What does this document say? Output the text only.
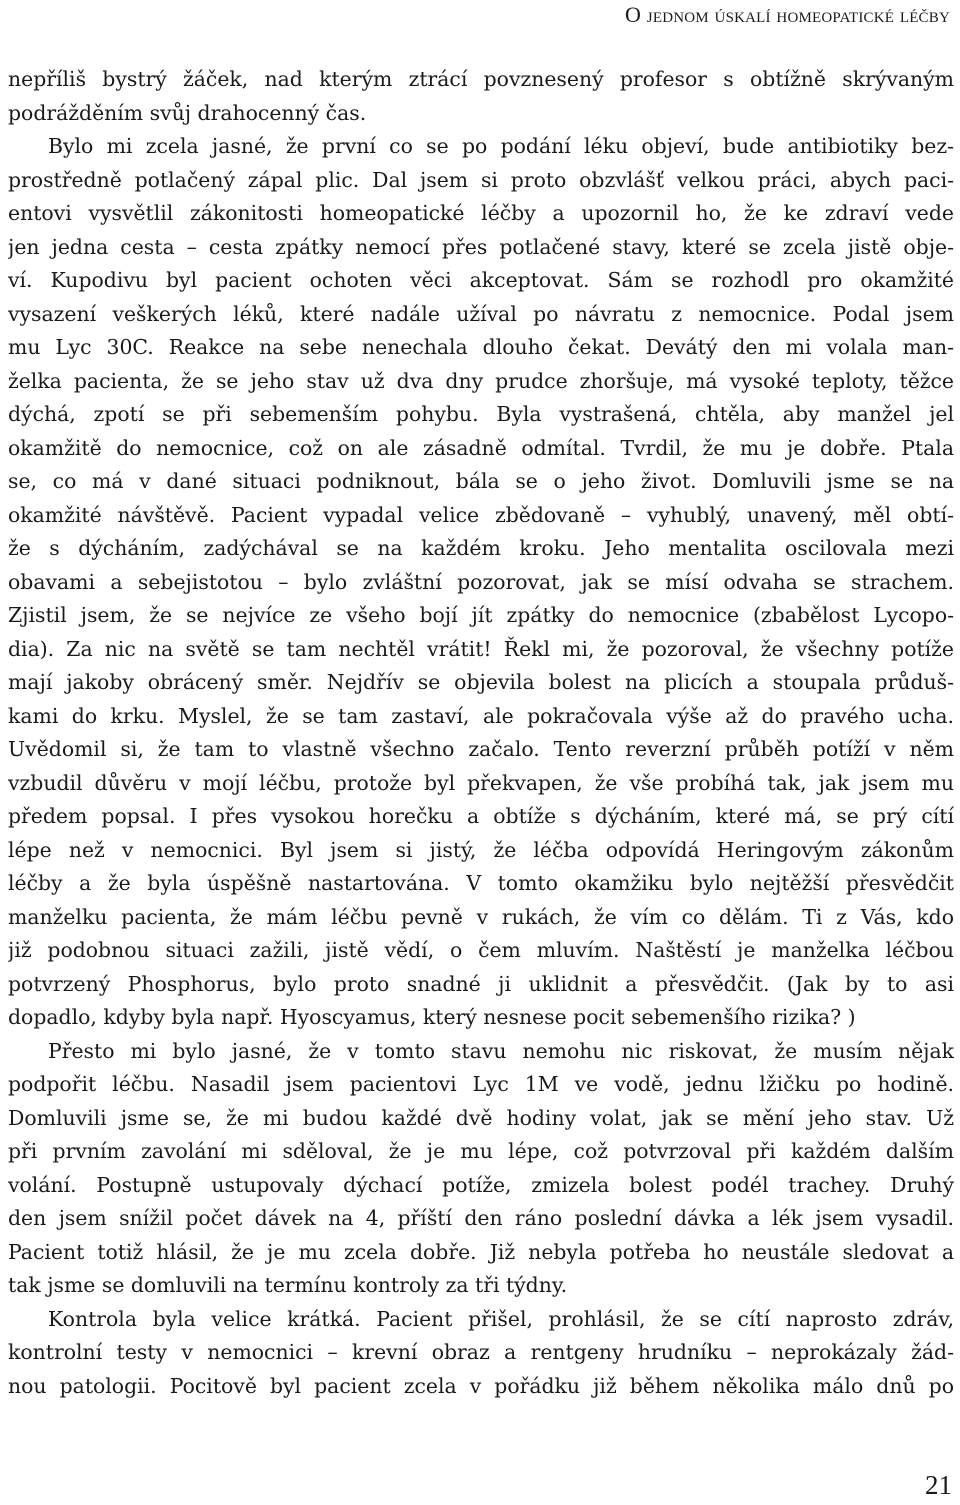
O jednom úskalí homeopatické léčby
nepříliš bystrý žáček, nad kterým ztrácí povznesený profesor s obtížně skrývaným
podrážděním svůj drahocenný čas.
Bylo mi zcela jasné, že první co se po podání léku objeví, bude antibiotiky bez-
prostředně potlačený zápal plic. Dal jsem si proto obzvlášť velkou práci, abych paci-
entovi vysvětlil zákonitosti homeopatické léčby a upozornil ho, že ke zdraví vede
jen jedna cesta – cesta zpátky nemocí přes potlačené stavy, které se zcela jistě obje-
ví. Kupodivu byl pacient ochoten věci akceptovat. Sám se rozhodl pro okamžité
vysazení veškerých léků, které nadále užíval po návratu z nemocnice. Podal jsem
mu Lyc 30C. Reakce na sebe nenechala dlouho čekat. Devátý den mi volala man-
želka pacienta, že se jeho stav už dva dny prudce zhoršuje, má vysoké teploty, těžce
dýchá, zpotí se při sebemenším pohybu. Byla vystrašená, chtěla, aby manžel jel
okamžitě do nemocnice, což on ale zásadně odmítal. Tvrdil, že mu je dobře. Ptala
se, co má v dané situaci podniknout, bála se o jeho život. Domluvili jsme se na
okamžité návštěvě. Pacient vypadal velice zbědovaně – vyhublý, unavený, měl obtí-
že s dýcháním, zadýchával se na každém kroku. Jeho mentalita oscilovala mezi
obavami a sebejistotou – bylo zvláštní pozorovat, jak se mísí odvaha se strachem.
Zjistil jsem, že se nejvíce ze všeho bojí jít zpátky do nemocnice (zbabělost Lycopo-
dia). Za nic na světě se tam nechtěl vrátit! Řekl mi, že pozoroval, že všechny potíže
mají jakoby obrácený směr. Nejdřív se objevila bolest na plicích a stoupala průduš-
kami do krku. Myslel, že se tam zastaví, ale pokračovala výše až do pravého ucha.
Uvědomil si, že tam to vlastně všechno začalo. Tento reverzní průběh potíží v něm
vzbudil důvěru v mojí léčbu, protože byl překvapen, že vše probíhá tak, jak jsem mu
předem popsal. I přes vysokou horečku a obtíže s dýcháním, které má, se prý cítí
lépe než v nemocnici. Byl jsem si jistý, že léčba odpovídá Heringovým zákonům
léčby a že byla úspěšně nastartována. V tomto okamžiku bylo nejtěžší přesvědčit
manželku pacienta, že mám léčbu pevně v rukách, že vím co dělám. Ti z Vás, kdo
již podobnou situaci zažili, jistě vědí, o čem mluvím. Naštěstí je manželka léčbou
potvrzený Phosphorus, bylo proto snadné ji uklidnit a přesvědčit. (Jak by to asi
dopadlo, kdyby byla např. Hyoscyamus, který nesnese pocit sebemenšího rizika? )
Přesto mi bylo jasné, že v tomto stavu nemohu nic riskovat, že musím nějak
podpořit léčbu. Nasadil jsem pacientovi Lyc 1M ve vodě, jednu lžičku po hodině.
Domluvili jsme se, že mi budou každé dvě hodiny volat, jak se mění jeho stav. Už
při prvním zavolání mi sděloval, že je mu lépe, což potvrzoval při každém dalším
volání. Postupně ustupovaly dýchací potíže, zmizela bolest podél trachey. Druhý
den jsem snížil počet dávek na 4, příští den ráno poslední dávka a lék jsem vysadil.
Pacient totiž hlásil, že je mu zcela dobře. Již nebyla potřeba ho neustále sledovat a
tak jsme se domluvili na termínu kontroly za tři týdny.
Kontrola byla velice krátká. Pacient přišel, prohlásil, že se cítí naprosto zdráv,
kontrolní testy v nemocnici – krevní obraz a rentgeny hrudníku – neprokázaly žád-
nou patologii. Pocitově byl pacient zcela v pořádku již během několika málo dnů po
21
